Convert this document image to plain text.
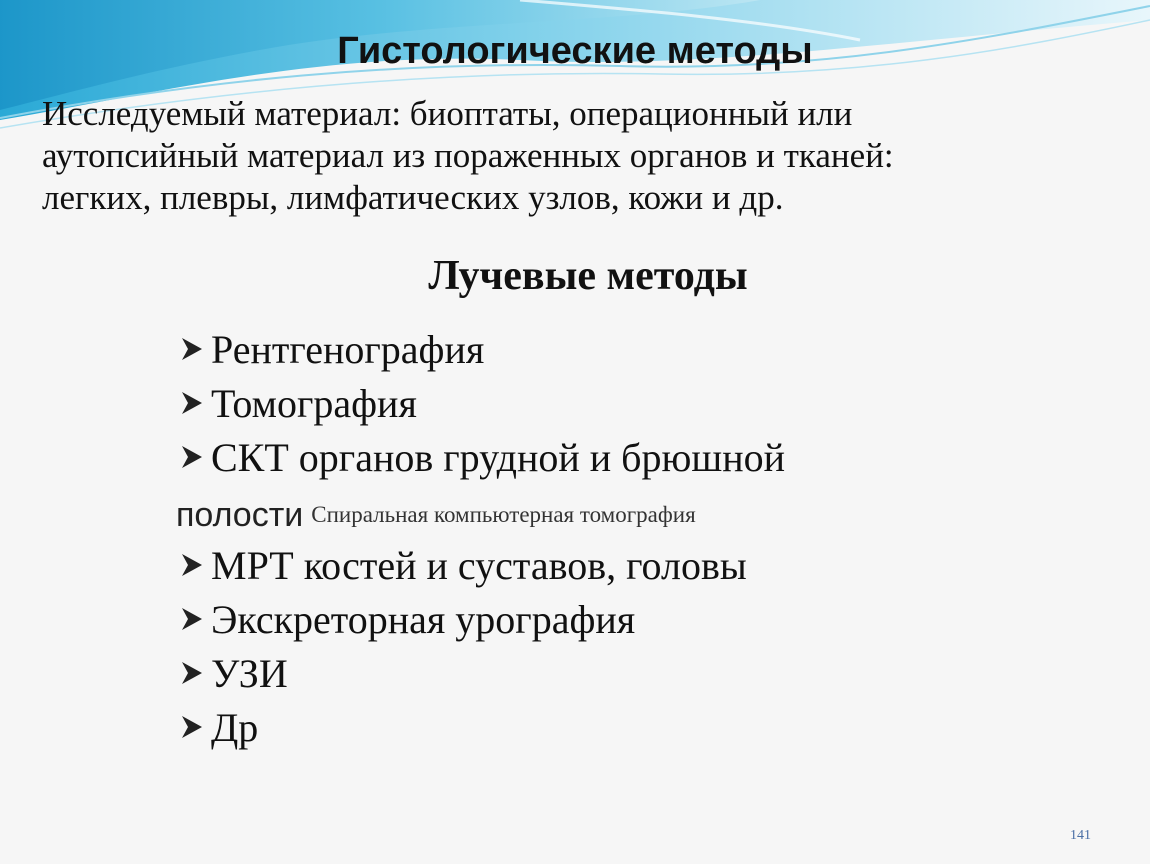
Гистологические методы
Исследуемый материал: биоптаты, операционный или
аутопсийный материал из пораженных органов и тканей:
легких, плевры, лимфатических узлов, кожи и др.
Лучевые методы
Рентгенография
Томография
СКТ органов грудной и брюшной
полости Спиральная компьютерная томография
МРТ костей и суставов, головы
Экскреторная урография
УЗИ
Др
141
